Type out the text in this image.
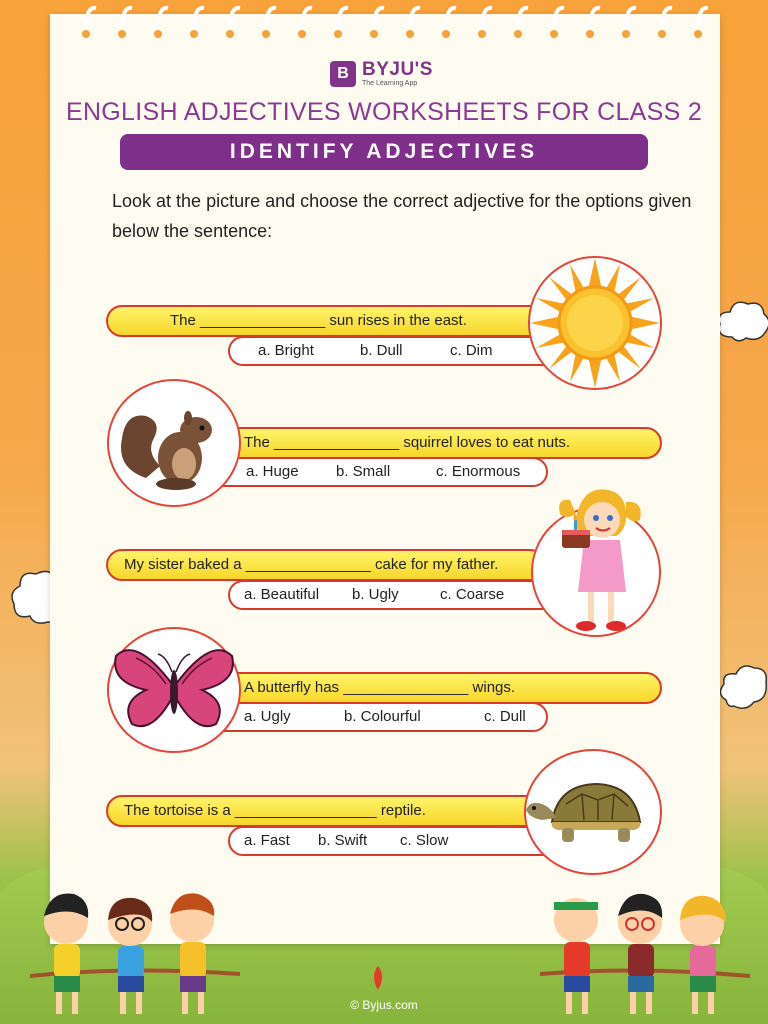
B BYJU'S
The Learning App
ENGLISH ADJECTIVES WORKSHEETS FOR CLASS 2
IDENTIFY ADJECTIVES
Look at the picture and choose the correct adjective for the options given below the sentence:
The _______________ sun rises in the east.
a. Bright	b. Dull	c. Dim
The _______________ squirrel loves to eat nuts.
a. Huge b. Small	c. Enormous
My sister baked a _______________ cake for my father.
a. Beautiful b. Ugly	c. Coarse
A butterfly has _______________ wings.
a. Ugly	b. Colourful	c. Dull
The tortoise is a _________________ reptile.
a. Fast b. Swift c. Slow
© Byjus.com
